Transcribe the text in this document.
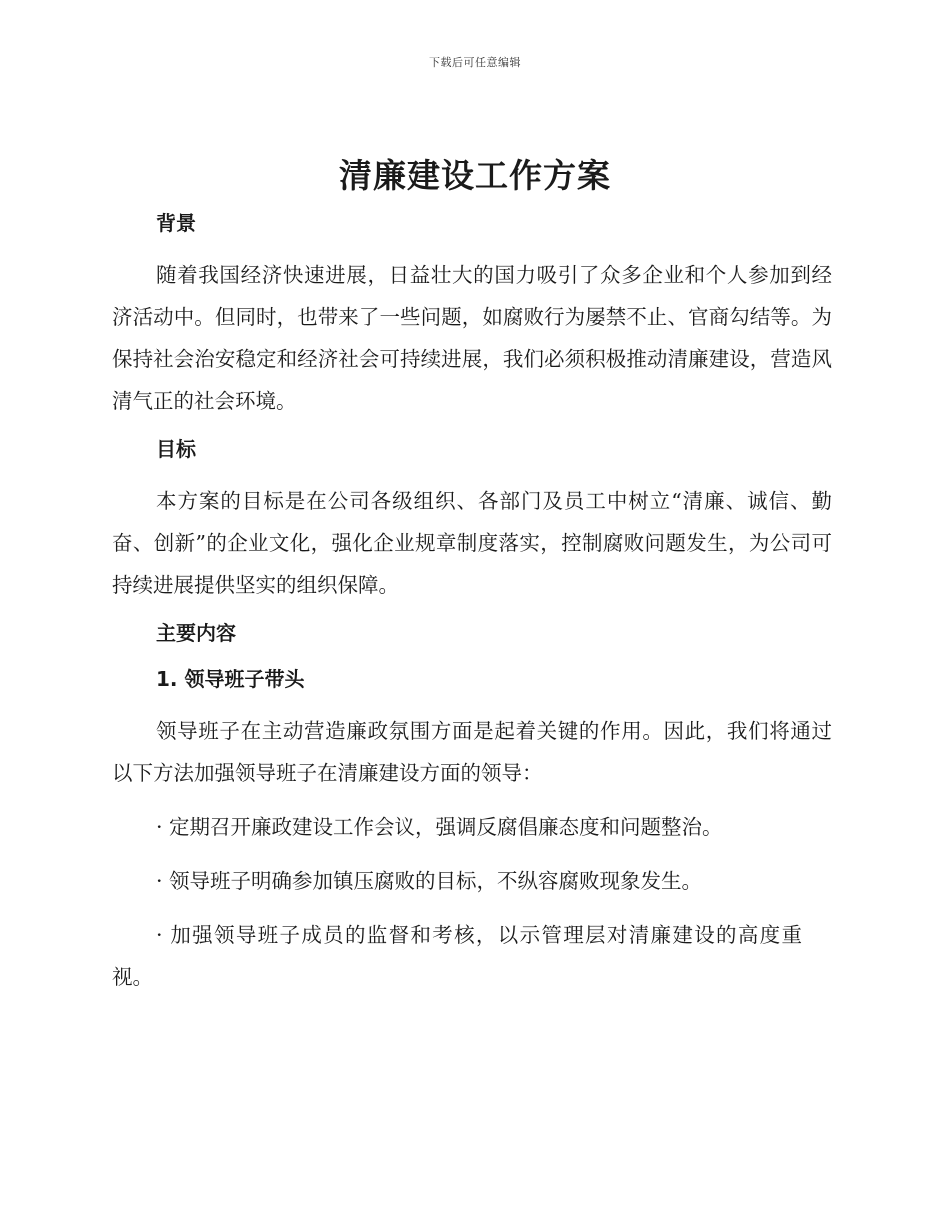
下载后可任意编辑
清廉建设工作方案
背景

随着我国经济快速进展，日益壮大的国力吸引了众多企业和个人参加到经济活动中。但同时，也带来了一些问题，如腐败行为屡禁不止、官商勾结等。为保持社会治安稳定和经济社会可持续进展，我们必须积极推动清廉建设，营造风清气正的社会环境。

目标

本方案的目标是在公司各级组织、各部门及员工中树立“清廉、诚信、勤奋、创新”的企业文化，强化企业规章制度落实，控制腐败问题发生，为公司可持续进展提供坚实的组织保障。

主要内容
1. 领导班子带头

领导班子在主动营造廉政氛围方面是起着关键的作用。因此，我们将通过以下方法加强领导班子在清廉建设方面的领导：

· 定期召开廉政建设工作会议，强调反腐倡廉态度和问题整治。

· 领导班子明确参加镇压腐败的目标，不纵容腐败现象发生。

· 加强领导班子成员的监督和考核，以示管理层对清廉建设的高度重视。
